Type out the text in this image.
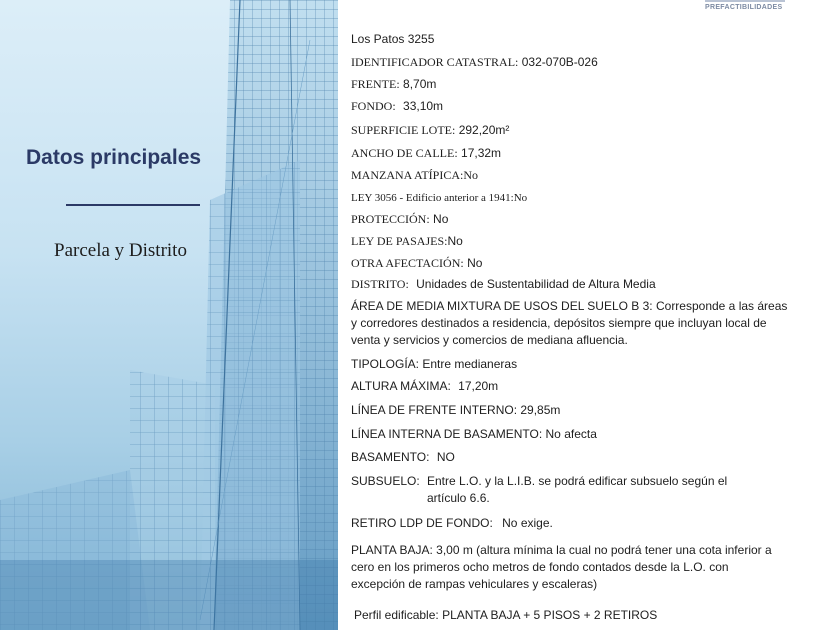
Datos principales
Parcela y Distrito
PREFACTIBILIDADES
Los Patos 3255
IDENTIFICADOR CATASTRAL: 032-070B-026
FRENTE: 8,70m
FONDO: 33,10m
SUPERFICIE LOTE: 292,20m²
ANCHO DE CALLE: 17,32m
MANZANA ATÍPICA:No
LEY 3056 - Edificio anterior a 1941:No
PROTECCIÓN: No
LEY DE PASAJES:No
OTRA AFECTACIÓN: No
DISTRITO: Unidades de Sustentabilidad de Altura Media
ÁREA DE MEDIA MIXTURA DE USOS DEL SUELO B 3: Corresponde a las áreas
y corredores destinados a residencia, depósitos siempre que incluyan local de
venta y servicios y comercios de mediana afluencia.
TIPOLOGÍA: Entre medianeras
ALTURA MÁXIMA: 17,20m
LÍNEA DE FRENTE INTERNO: 29,85m
LÍNEA INTERNA DE BASAMENTO: No afecta
BASAMENTO: NO
SUBSUELO: Entre L.O. y la L.I.B. se podrá edificar subsuelo según el
artículo 6.6.
RETIRO LDP DE FONDO: No exige.
PLANTA BAJA: 3,00 m (altura mínima la cual no podrá tener una cota inferior a
cero en los primeros ocho metros de fondo contados desde la L.O. con
excepción de rampas vehiculares y escaleras)
Perfil edificable: PLANTA BAJA + 5 PISOS + 2 RETIROS
